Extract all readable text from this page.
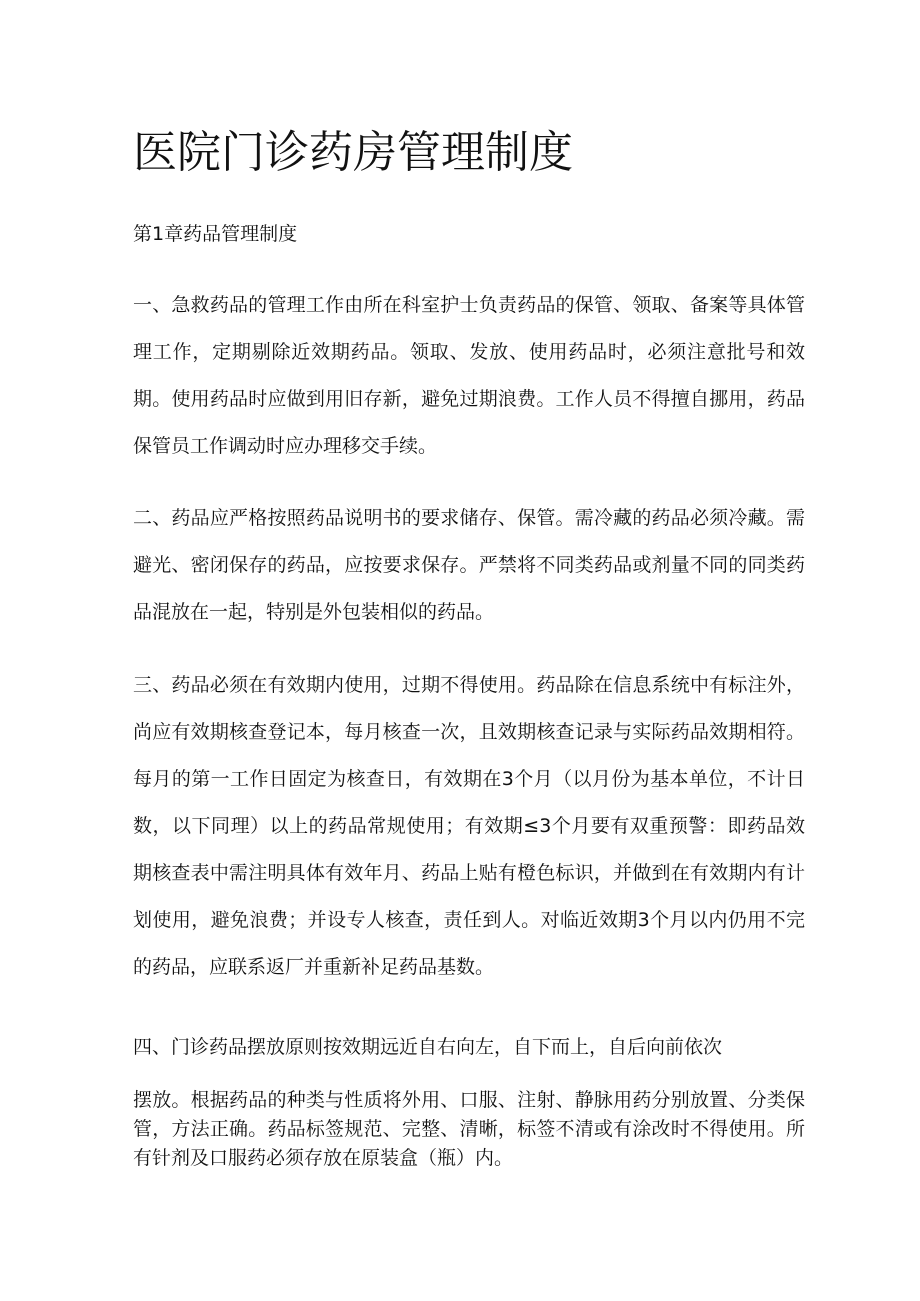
医院门诊药房管理制度
第1章药品管理制度

一、急救药品的管理工作由所在科室护士负责药品的保管、领取、备案等具体管理工作，定期剔除近效期药品。领取、发放、使用药品时，必须注意批号和效期。使用药品时应做到用旧存新，避免过期浪费。工作人员不得擅自挪用，药品保管员工作调动时应办理移交手续。

二、药品应严格按照药品说明书的要求储存、保管。需冷藏的药品必须冷藏。需避光、密闭保存的药品，应按要求保存。严禁将不同类药品或剂量不同的同类药品混放在一起，特别是外包装相似的药品。

三、药品必须在有效期内使用，过期不得使用。药品除在信息系统中有标注外，尚应有效期核查登记本，每月核查一次，且效期核查记录与实际药品效期相符。每月的第一工作日固定为核查日，有效期在3个月（以月份为基本单位，不计日数，以下同理）以上的药品常规使用；有效期≤3个月要有双重预警：即药品效期核查表中需注明具体有效年月、药品上贴有橙色标识，并做到在有效期内有计划使用，避免浪费；并设专人核查，责任到人。对临近效期3个月以内仍用不完的药品，应联系返厂并重新补足药品基数。

四、门诊药品摆放原则按效期远近自右向左，自下而上，自后向前依次

摆放。根据药品的种类与性质将外用、口服、注射、静脉用药分别放置、分类保管，方法正确。药品标签规范、完整、清晰，标签不清或有涂改时不得使用。所有针剂及口服药必须存放在原装盒（瓶）内。
